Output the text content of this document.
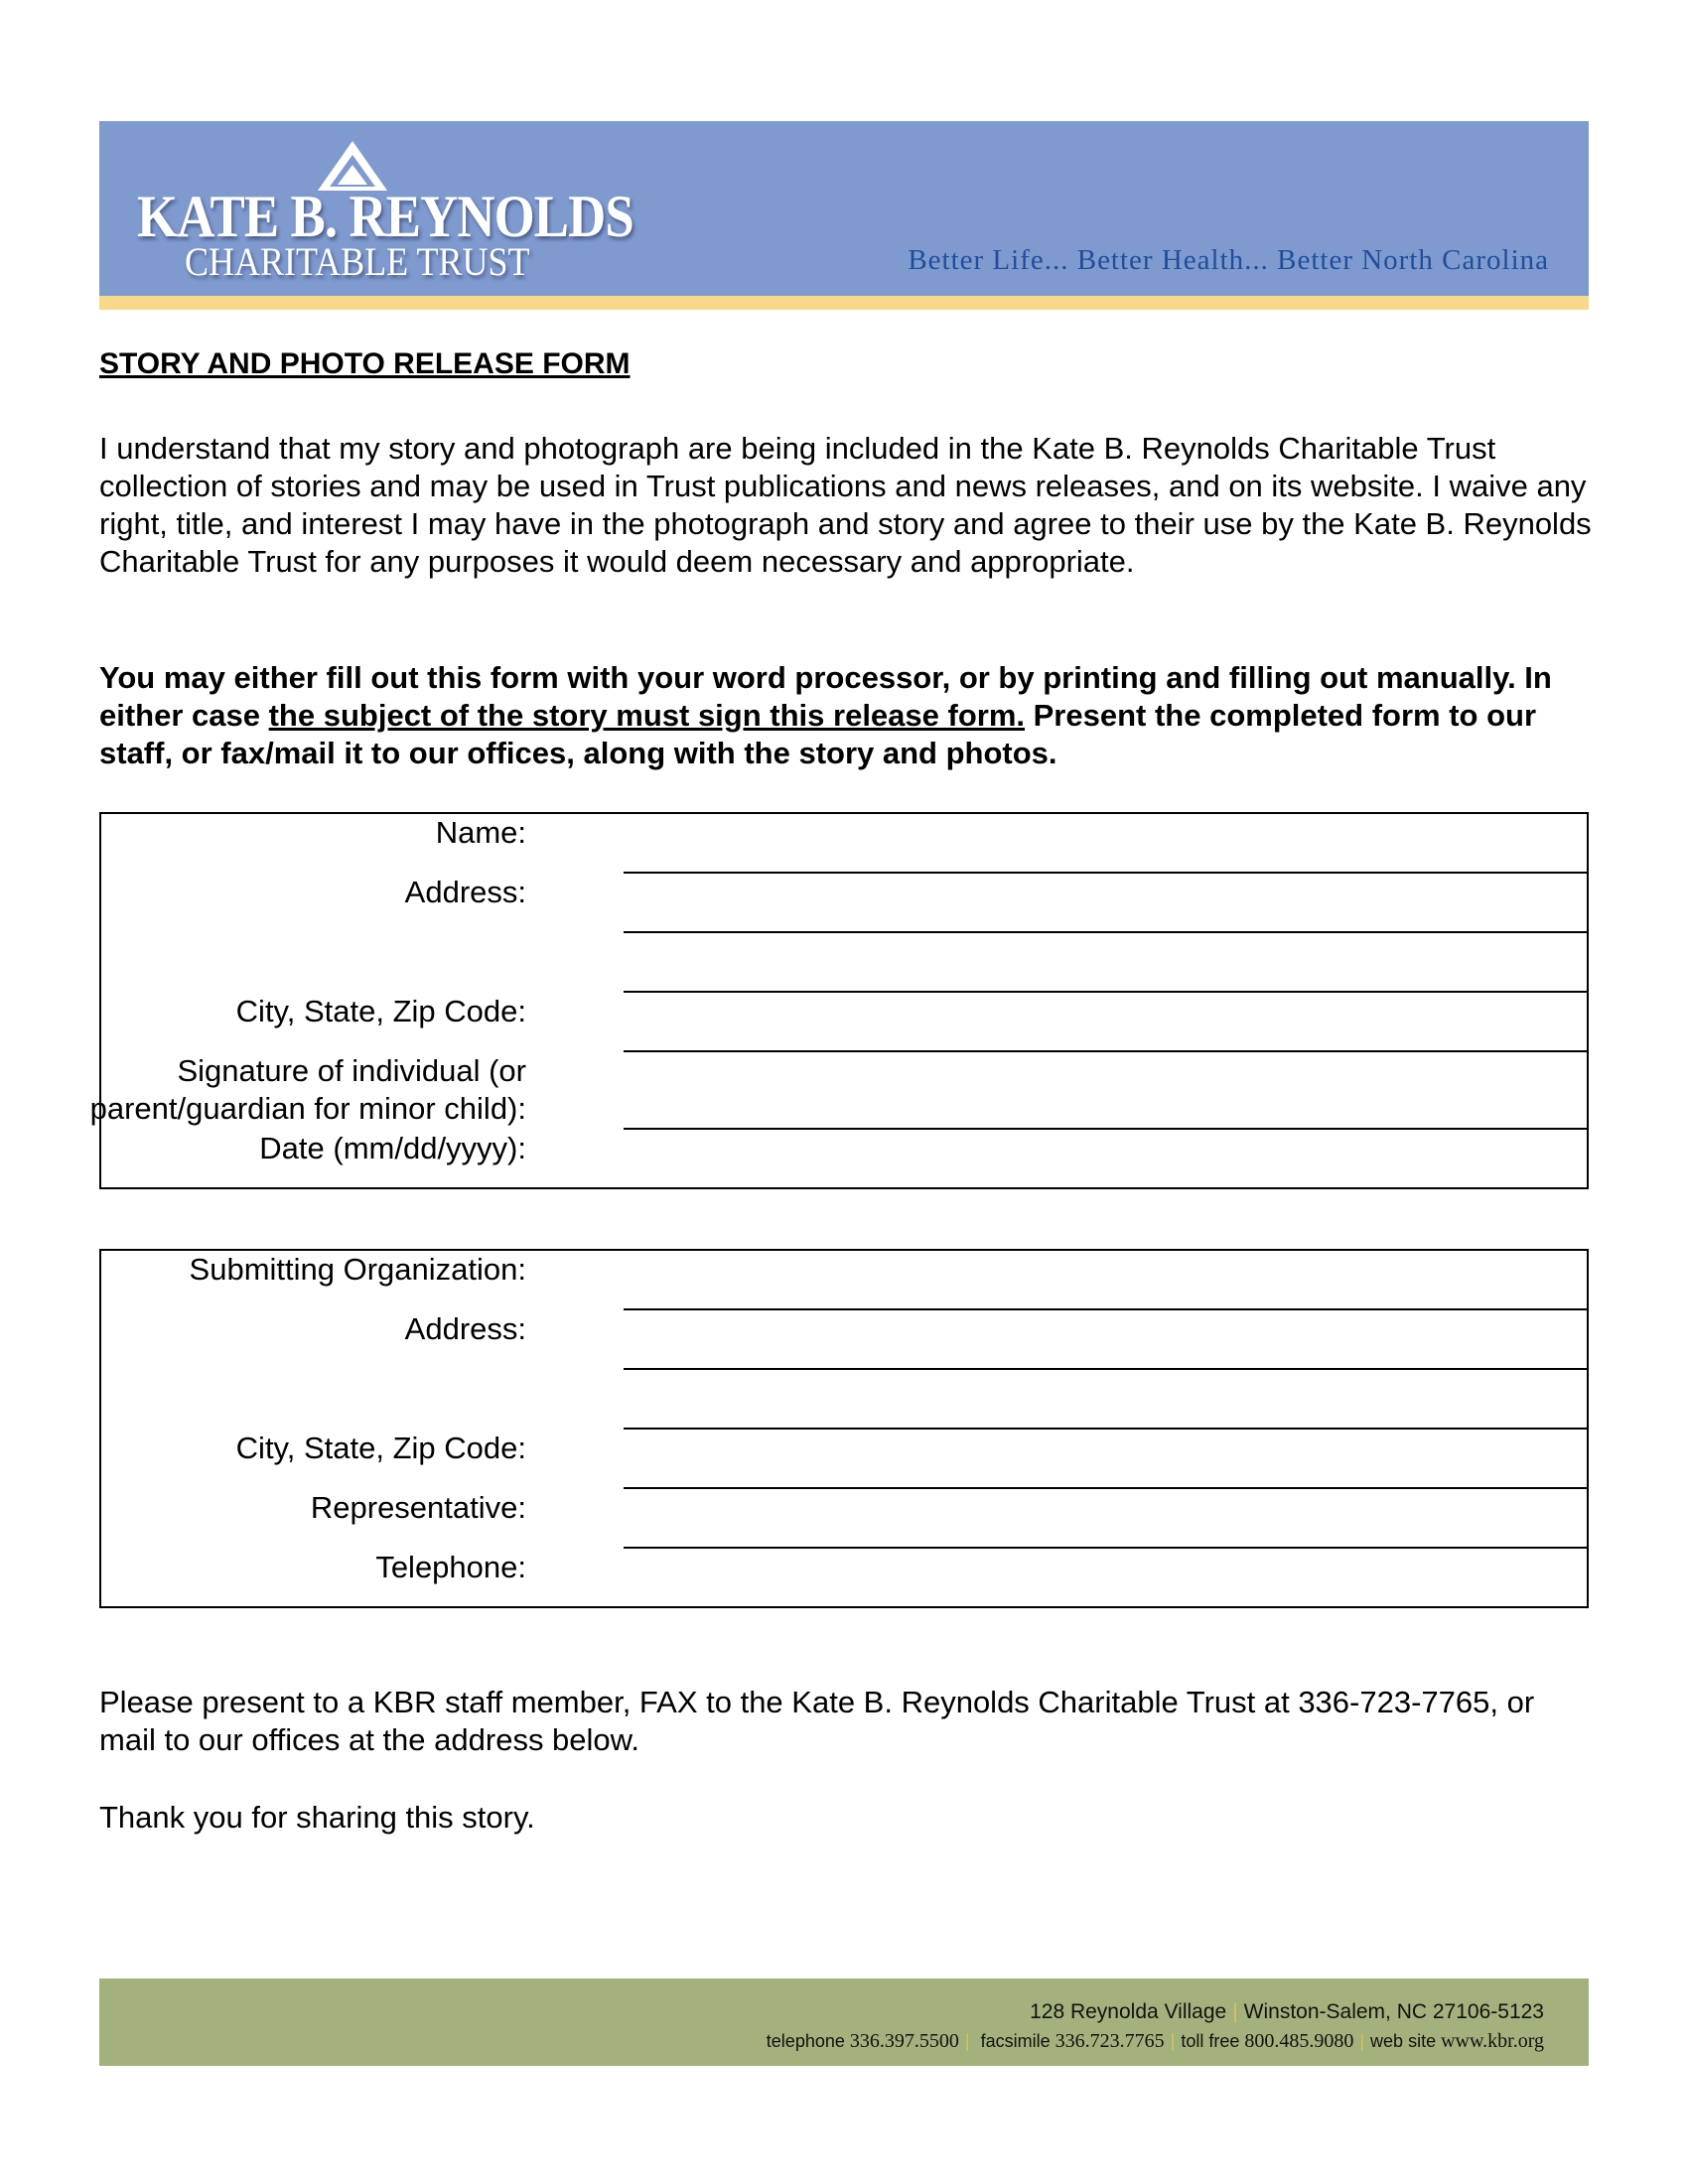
KATE B. REYNOLDS
CHARITABLE TRUST	Better Life... Better Health... Better North Carolina
STORY AND PHOTO RELEASE FORM
I understand that my story and photograph are being included in the Kate B. Reynolds Charitable Trust collection of stories and may be used in Trust publications and news releases, and on its website. I waive any right, title, and interest I may have in the photograph and story and agree to their use by the Kate B. Reynolds Charitable Trust for any purposes it would deem necessary and appropriate.
You may either fill out this form with your word processor, or by printing and filling out manually. In either case the subject of the story must sign this release form. Present the completed form to our staff, or fax/mail it to our offices, along with the story and photos.
Name:
Address:
City, State, Zip Code:
Signature of individual (or
parent/guardian for minor child):
Date (mm/dd/yyyy):
Submitting Organization:
Address:
City, State, Zip Code:
Representative:
Telephone:
Please present to a KBR staff member, FAX to the Kate B. Reynolds Charitable Trust at 336-723-7765, or mail to our offices at the address below.
Thank you for sharing this story.
128 Reynolda Village | Winston-Salem, NC 27106-5123
telephone 336.397.5500 | facsimile 336.723.7765 | toll free 800.485.9080 | web site www.kbr.org
